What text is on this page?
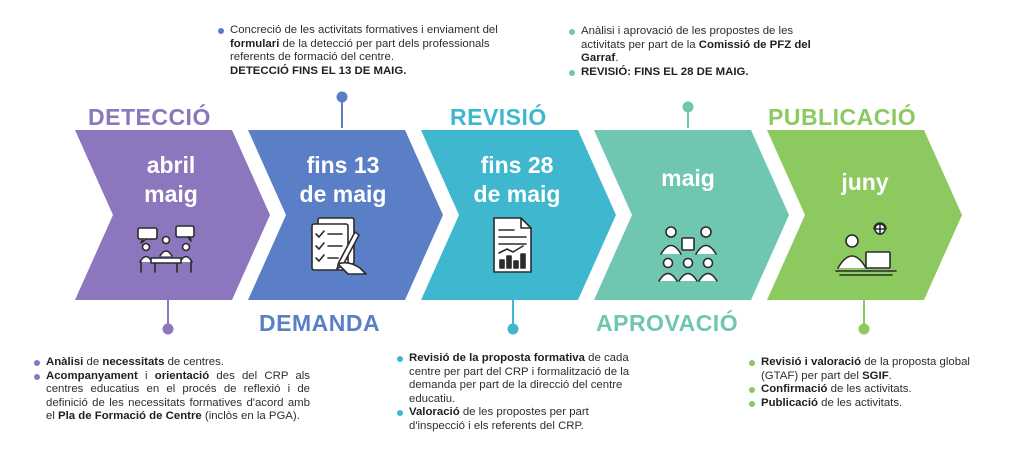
DETECCIÓ
DEMANDA
REVISIÓ
APROVACIÓ
PUBLICACIÓ
abril
maig
fins 13
de maig
fins 28
de maig
maig	juny
Concreció de les activitats formatives i enviament del formulari de la detecció per part dels professionals referents de formació del centre.
DETECCIÓ FINS EL 13 DE MAIG.
Anàlisi i aprovació de les propostes de les activitats per part de la Comissió de PFZ del Garraf.
REVISIÓ: FINS EL 28 DE MAIG.
Anàlisi de necessitats de centres.
Acompanyament i orientació des del CRP als centres educatius en el procés de reflexió i de definició de les necessitats formatives d'acord amb el Pla de Formació de Centre (inclòs en la PGA).
Revisió de la proposta formativa de cada centre per part del CRP i formalització de la demanda per part de la direcció del centre educatiu.
Valoració de les propostes per part d'inspecció i els referents del CRP.
Revisió i valoració de la proposta global (GTAF) per part del SGIF.
Confirmació de les activitats.
Publicació de les activitats.
